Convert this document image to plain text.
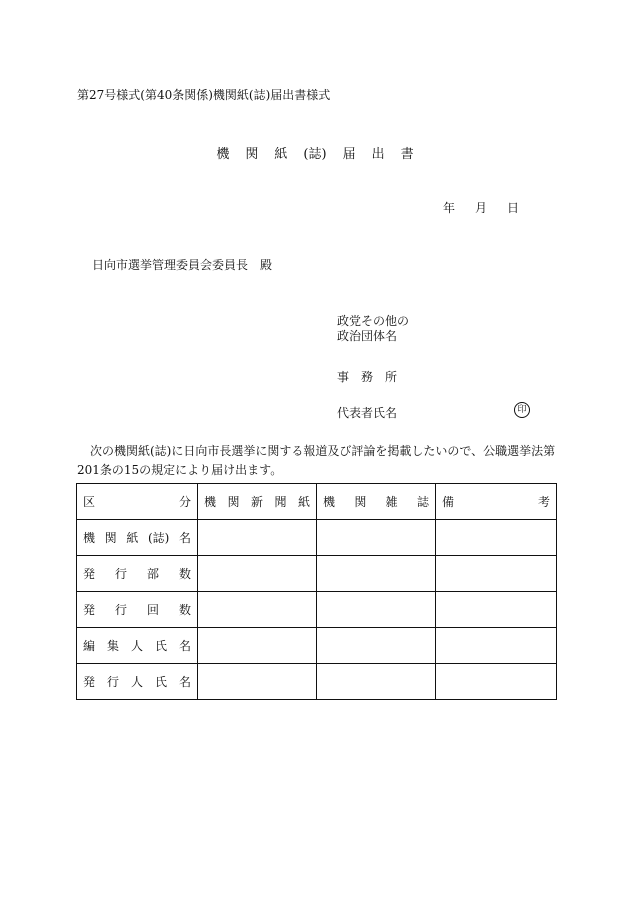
第27号様式(第40条関係)機関紙(誌)届出書様式
機 関 紙 (誌) 届 出 書
年 月 日
日向市選挙管理委員会委員長　殿
政党その他の
政治団体名
事 務 所
代表者氏名	印
次の機関紙(誌)に日向市長選挙に関する報道及び評論を掲載したいので、公職選挙法第201条の15の規定により届け出ます。
区 分	機 関 新 聞 紙	機 関 雑 誌	備 考

機 関 紙 (誌) 名			

発 行 部 数			

発 行 回 数			

編 集 人 氏 名			

発 行 人 氏 名			
